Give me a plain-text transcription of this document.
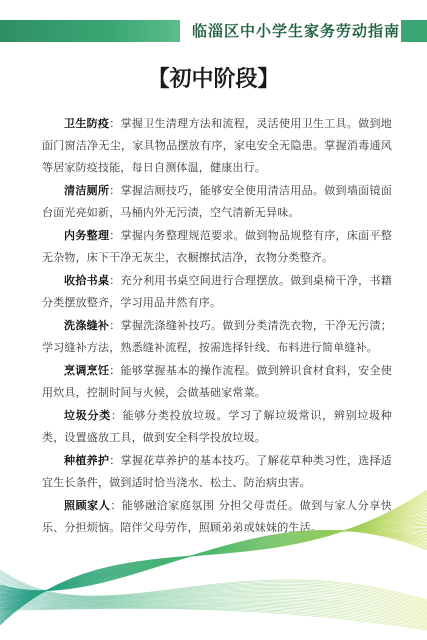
临淄区中小学生家务劳动指南
【初中阶段】

卫生防疫：掌握卫生清理方法和流程，灵活使用卫生工具。做到地面门窗洁净无尘，家具物品摆放有序，家电安全无隐患。掌握消毒通风等居家防疫技能，每日自测体温，健康出行。

清洁厕所：掌握洁厕技巧，能够安全使用清洁用品。做到墙面镜面台面光亮如新，马桶内外无污渍，空气清新无异味。

内务整理：掌握内务整理规范要求。做到物品规整有序，床面平整无杂物，床下干净无灰尘，衣橱擦拭洁净，衣物分类整齐。

收拾书桌：充分利用书桌空间进行合理摆放。做到桌椅干净，书籍分类摆放整齐，学习用品井然有序。

洗涤缝补：掌握洗涤缝补技巧。做到分类清洗衣物，干净无污渍；学习缝补方法，熟悉缝补流程，按需选择针线、布料进行简单缝补。

烹调烹饪：能够掌握基本的操作流程。做到辨识食材食料，安全使用炊具，控制时间与火候，会做基础家常菜。

垃圾分类：能够分类投放垃圾。学习了解垃圾常识，辨别垃圾种类，设置盛放工具，做到安全科学投放垃圾。

种植养护：掌握花草养护的基本技巧。了解花草种类习性，选择适宜生长条件，做到适时恰当浇水、松土、防治病虫害。

照顾家人：能够融洽家庭氛围 分担父母责任。做到与家人分享快乐、分担烦恼。陪伴父母劳作，照顾弟弟或妹妹的生活。
